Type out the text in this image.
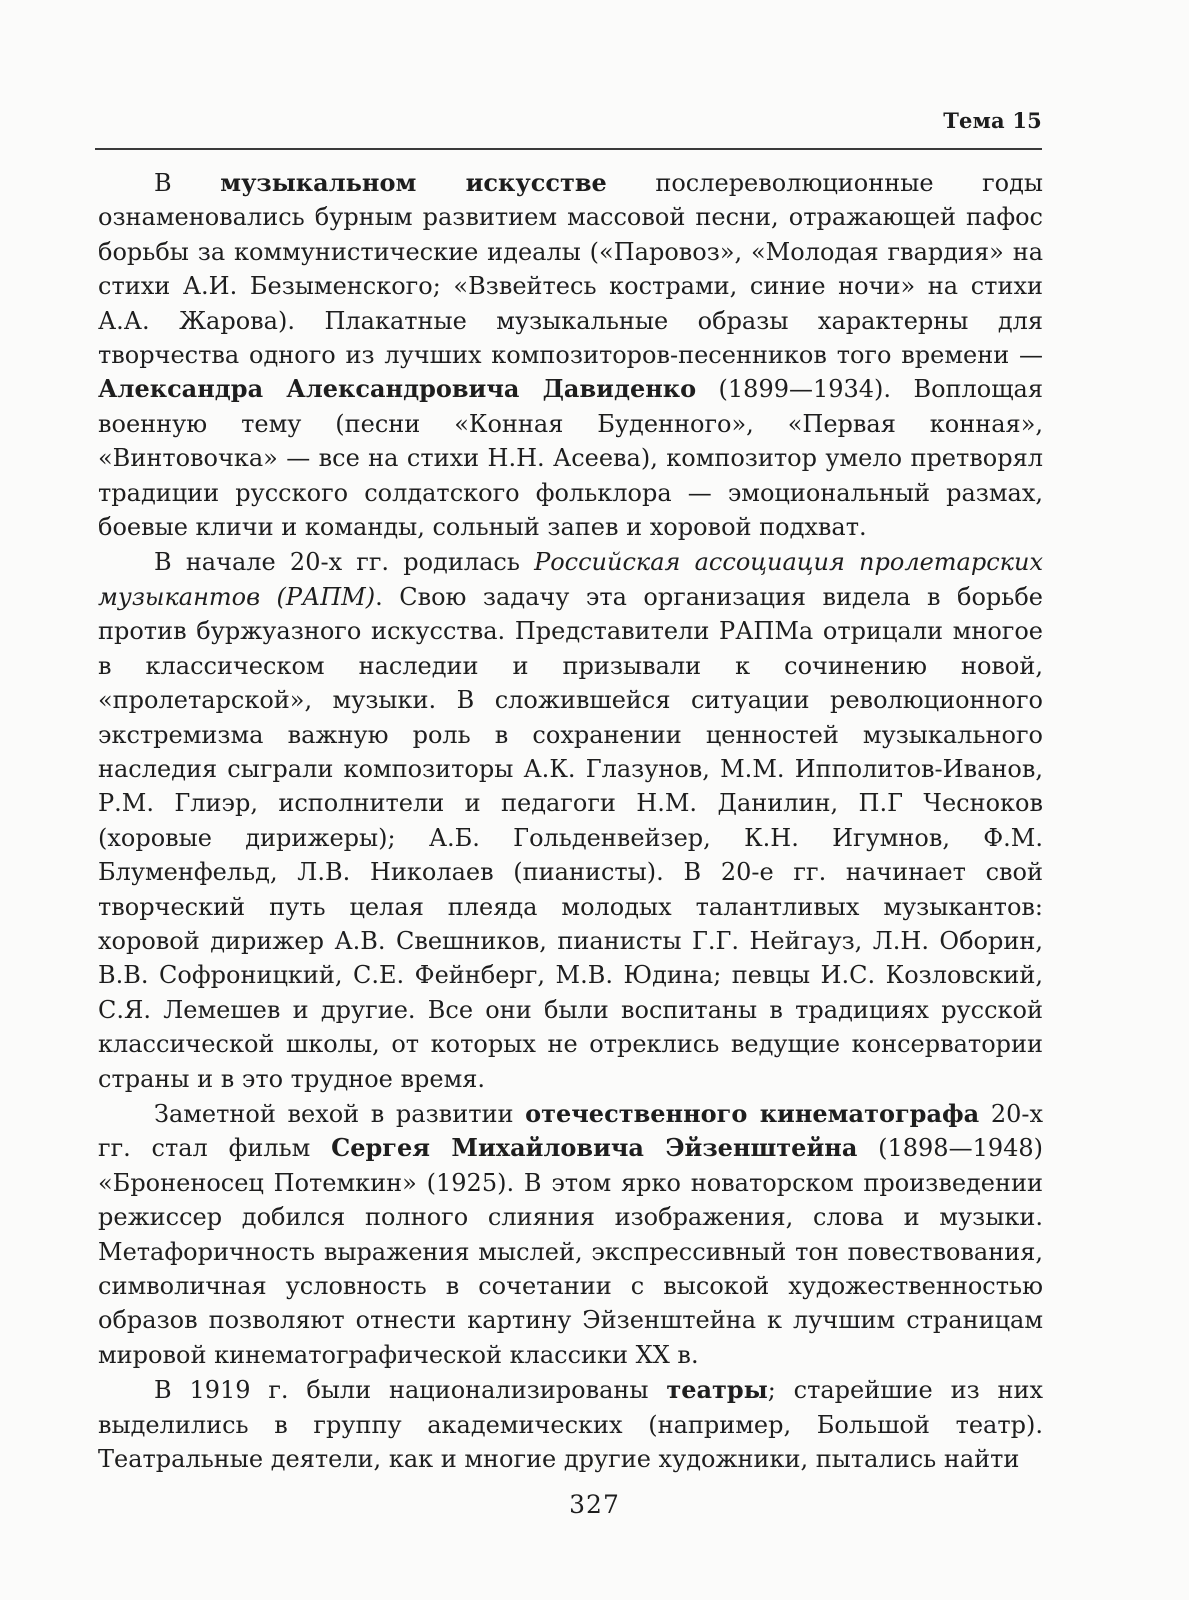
Тема 15

В музыкальном искусстве послереволюционные годы ознаменовались бурным развитием массовой песни, отражающей пафос борьбы за коммунистические идеалы («Паровоз», «Молодая гвардия» на стихи А.И. Безыменского; «Взвейтесь кострами, синие ночи» на стихи А.А. Жарова). Плакатные музыкальные образы характерны для творчества одного из лучших композиторов-песенников того времени — Александра Александровича Давиденко (1899—1934). Воплощая военную тему (песни «Конная Буденного», «Первая конная», «Винтовочка» — все на стихи Н.Н. Асеева), композитор умело претворял традиции русского солдатского фольклора — эмоциональный размах, боевые кличи и команды, сольный запев и хоровой подхват.

В начале 20-х гг. родилась Российская ассоциация пролетарских музыкантов (РАПМ). Свою задачу эта организация видела в борьбе против буржуазного искусства. Представители РАПМа отрицали многое в классическом наследии и призывали к сочинению новой, «пролетарской», музыки. В сложившейся ситуации революционного экстремизма важную роль в сохранении ценностей музыкального наследия сыграли композиторы А.К. Глазунов, М.М. Ипполитов-Иванов, Р.М. Глиэр, исполнители и педагоги Н.М. Данилин, П.Г Чесноков (хоровые дирижеры); А.Б. Гольденвейзер, К.Н. Игумнов, Ф.М. Блуменфельд, Л.В. Николаев (пианисты). В 20-е гг. начинает свой творческий путь целая плеяда молодых талантливых музыкантов: хоровой дирижер А.В. Свешников, пианисты Г.Г. Нейгауз, Л.Н. Оборин, В.В. Софроницкий, С.Е. Фейнберг, М.В. Юдина; певцы И.С. Козловский, С.Я. Лемешев и другие. Все они были воспитаны в традициях русской классической школы, от которых не отреклись ведущие консерватории страны и в это трудное время.

Заметной вехой в развитии отечественного кинематографа 20-х гг. стал фильм Сергея Михайловича Эйзенштейна (1898—1948) «Броненосец Потемкин» (1925). В этом ярко новаторском произведении режиссер добился полного слияния изображения, слова и музыки. Метафоричность выражения мыслей, экспрессивный тон повествования, символичная условность в сочетании с высокой художественностью образов позволяют отнести картину Эйзенштейна к лучшим страницам мировой кинематографической классики XX в.

В 1919 г. были национализированы театры; старейшие из них выделились в группу академических (например, Большой театр). Театральные деятели, как и многие другие художники, пытались найти

327
